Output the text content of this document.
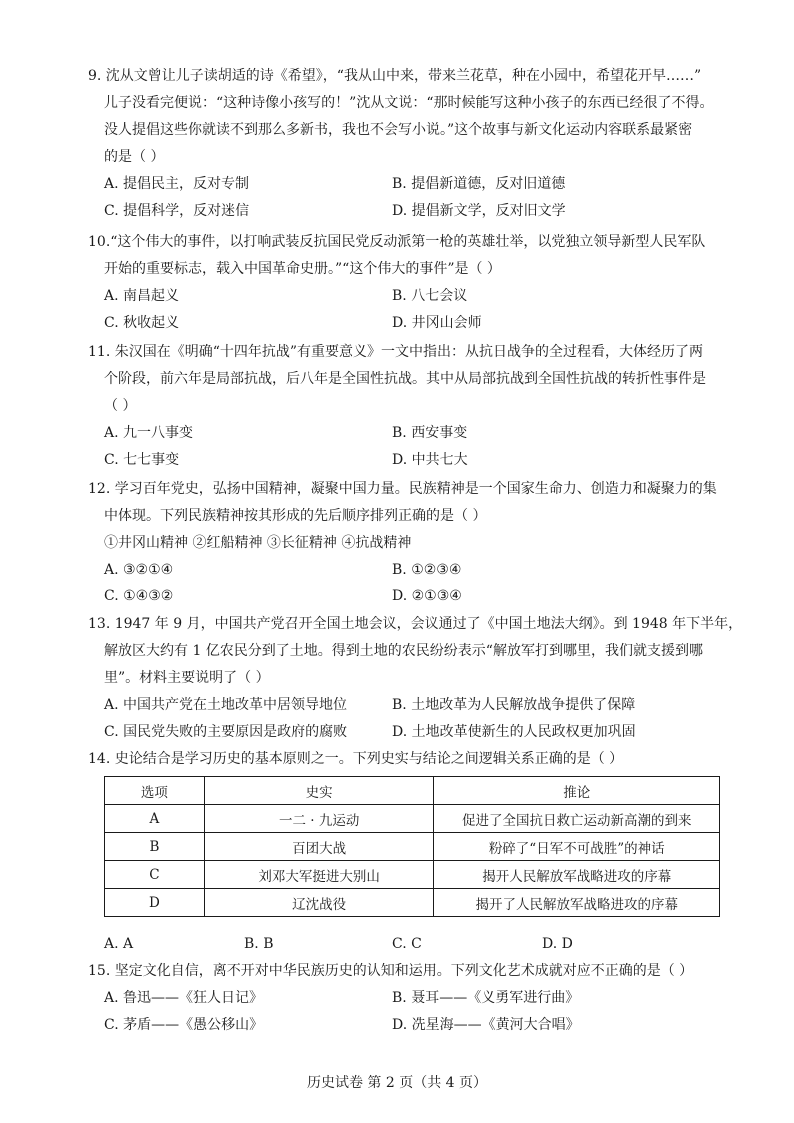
9. 沈从文曾让儿子读胡适的诗《希望》，“我从山中来，带来兰花草，种在小园中，希望花开早……”
儿子没看完便说：“这种诗像小孩写的！”沈从文说：“那时候能写这种小孩子的东西已经很了不得。
没人提倡这些你就读不到那么多新书，我也不会写小说。”这个故事与新文化运动内容联系最紧密
的是（ ）
A. 提倡民主，反对专制	B. 提倡新道德，反对旧道德
C. 提倡科学，反对迷信	D. 提倡新文学，反对旧文学
10.“这个伟大的事件，以打响武装反抗国民党反动派第一枪的英雄壮举，以党独立领导新型人民军队
开始的重要标志，载入中国革命史册。”“这个伟大的事件”是（ ）
A. 南昌起义	B. 八七会议
C. 秋收起义	D. 井冈山会师
11. 朱汉国在《明确“十四年抗战”有重要意义》一文中指出：从抗日战争的全过程看，大体经历了两
个阶段，前六年是局部抗战，后八年是全国性抗战。其中从局部抗战到全国性抗战的转折性事件是
（ ）
A. 九一八事变	B. 西安事变
C. 七七事变	D. 中共七大
12. 学习百年党史，弘扬中国精神，凝聚中国力量。民族精神是一个国家生命力、创造力和凝聚力的集
中体现。下列民族精神按其形成的先后顺序排列正确的是（ ）
①井冈山精神 ②红船精神 ③长征精神 ④抗战精神
A. ③②①④	B. ①②③④
C. ①④③②	D. ②①③④
13. 1947 年 9 月，中国共产党召开全国土地会议，会议通过了《中国土地法大纲》。到 1948 年下半年，
解放区大约有 1 亿农民分到了土地。得到土地的农民纷纷表示“解放军打到哪里，我们就支援到哪
里”。材料主要说明了（ ）
A. 中国共产党在土地改革中居领导地位	B. 土地改革为人民解放战争提供了保障
C. 国民党失败的主要原因是政府的腐败	D. 土地改革使新生的人民政权更加巩固
14. 史论结合是学习历史的基本原则之一。下列史实与结论之间逻辑关系正确的是（ ）
选项	史实	推论
A	一二 · 九运动	促进了全国抗日救亡运动新高潮的到来
B	百团大战	粉碎了“日军不可战胜”的神话
C	刘邓大军挺进大别山	揭开人民解放军战略进攻的序幕
D	辽沈战役	揭开了人民解放军战略进攻的序幕
A. A	B. B	C. C	D. D
15. 坚定文化自信，离不开对中华民族历史的认知和运用。下列文化艺术成就对应不正确的是（ ）
A. 鲁迅——《狂人日记》	B. 聂耳——《义勇军进行曲》
C. 茅盾——《愚公移山》	D. 冼星海——《黄河大合唱》
历史试卷 第 2 页（共 4 页）
